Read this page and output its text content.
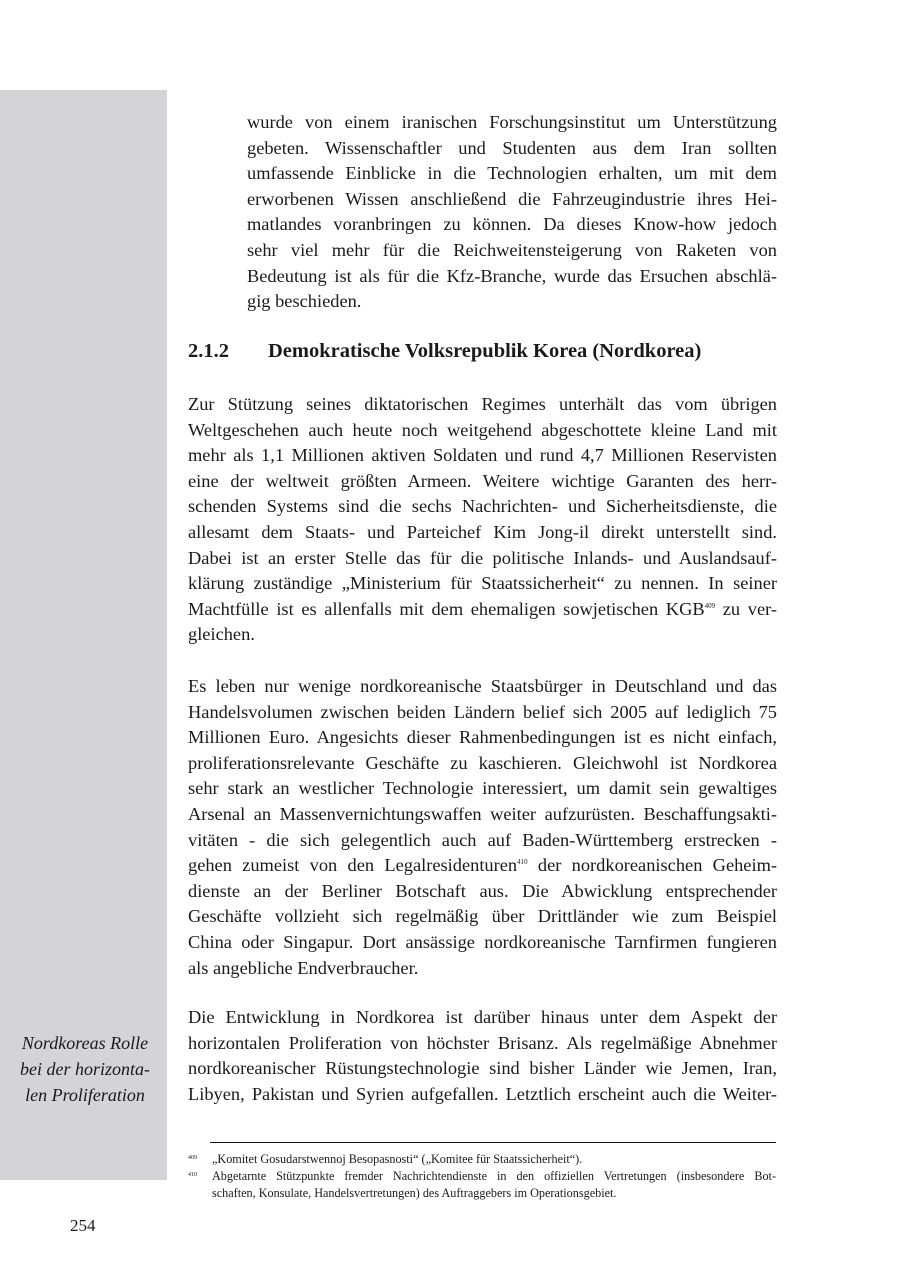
Nordkoreas Rolle
bei der horizonta-
len Proliferation
wurde von einem iranischen Forschungsinstitut um Unterstützung
gebeten. Wissenschaftler und Studenten aus dem Iran sollten
umfassende Einblicke in die Technologien erhalten, um mit dem
erworbenen Wissen anschließend die Fahrzeugindustrie ihres Hei-
matlandes voranbringen zu können. Da dieses Know-how jedoch
sehr viel mehr für die Reichweitensteigerung von Raketen von
Bedeutung ist als für die Kfz-Branche, wurde das Ersuchen abschlä-
gig beschieden.
2.1.2 Demokratische Volksrepublik Korea (Nordkorea)
Zur Stützung seines diktatorischen Regimes unterhält das vom übrigen
Weltgeschehen auch heute noch weitgehend abgeschottete kleine Land mit
mehr als 1,1 Millionen aktiven Soldaten und rund 4,7 Millionen Reservisten
eine der weltweit größten Armeen. Weitere wichtige Garanten des herr-
schenden Systems sind die sechs Nachrichten- und Sicherheitsdienste, die
allesamt dem Staats- und Parteichef Kim Jong-il direkt unterstellt sind.
Dabei ist an erster Stelle das für die politische Inlands- und Auslandsauf-
klärung zuständige „Ministerium für Staatssicherheit“ zu nennen. In seiner
Machtfülle ist es allenfalls mit dem ehemaligen sowjetischen KGB$^{409}$ zu ver-
gleichen.
Es leben nur wenige nordkoreanische Staatsbürger in Deutschland und das
Handelsvolumen zwischen beiden Ländern belief sich 2005 auf lediglich 75
Millionen Euro. Angesichts dieser Rahmenbedingungen ist es nicht einfach,
proliferationsrelevante Geschäfte zu kaschieren. Gleichwohl ist Nordkorea
sehr stark an westlicher Technologie interessiert, um damit sein gewaltiges
Arsenal an Massenvernichtungswaffen weiter aufzurüsten. Beschaffungsakti-
vitäten - die sich gelegentlich auch auf Baden-Württemberg erstrecken -
gehen zumeist von den Legalresidenturen$^{410}$ der nordkoreanischen Geheim-
dienste an der Berliner Botschaft aus. Die Abwicklung entsprechender
Geschäfte vollzieht sich regelmäßig über Drittländer wie zum Beispiel
China oder Singapur. Dort ansässige nordkoreanische Tarnfirmen fungieren
als angebliche Endverbraucher.
Die Entwicklung in Nordkorea ist darüber hinaus unter dem Aspekt der
horizontalen Proliferation von höchster Brisanz. Als regelmäßige Abnehmer
nordkoreanischer Rüstungstechnologie sind bisher Länder wie Jemen, Iran,
Libyen, Pakistan und Syrien aufgefallen. Letztlich erscheint auch die Weiter-
409 „Komitet Gosudarstwennoj Besopasnosti“ („Komitee für Staatssicherheit“).
410 Abgetarnte Stützpunkte fremder Nachrichtendienste in den offiziellen Vertretungen (insbesondere Bot-
schaften, Konsulate, Handelsvertretungen) des Auftraggebers im Operationsgebiet.
254
